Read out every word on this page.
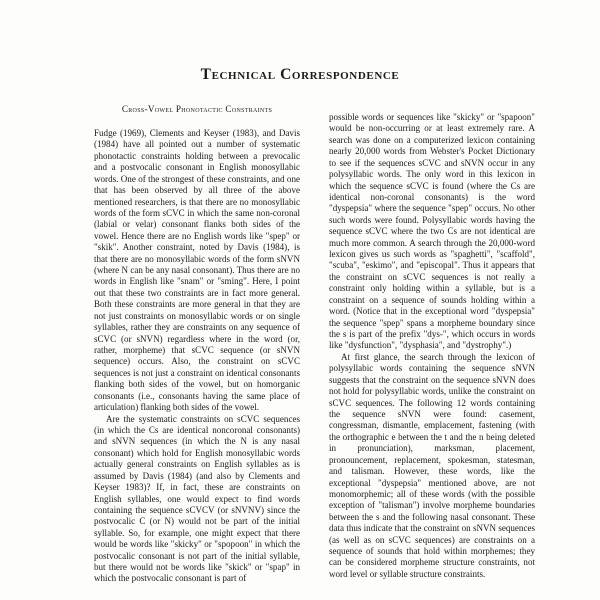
Technical Correspondence
Cross-Vowel Phonotactic Constraints

Fudge (1969), Clements and Keyser (1983), and Davis (1984) have all pointed out a number of systematic phonotactic constraints holding between a prevocalic and a postvocalic consonant in English monosyllabic words. One of the strongest of these constraints, and one that has been observed by all three of the above mentioned researchers, is that there are no monosyllabic words of the form sCVC in which the same non-coronal (labial or velar) consonant flanks both sides of the vowel. Hence there are no English words like "spep" or "skik". Another constraint, noted by Davis (1984), is that there are no monosyllabic words of the form sNVN (where N can be any nasal consonant). Thus there are no words in English like "snam" or "sming". Here, I point out that these two constraints are in fact more general. Both these constraints are more general in that they are not just constraints on monosyllabic words or on single syllables, rather they are constraints on any sequence of sCVC (or sNVN) regardless where in the word (or, rather, morpheme) that sCVC sequence (or sNVN sequence) occurs. Also, the constraint on sCVC sequences is not just a constraint on identical consonants flanking both sides of the vowel, but on homorganic consonants (i.e., consonants having the same place of articulation) flanking both sides of the vowel.

Are the systematic constraints on sCVC sequences (in which the Cs are identical noncoronal consonants) and sNVN sequences (in which the N is any nasal consonant) which hold for English monosyllabic words actually general constraints on English syllables as is assumed by Davis (1984) (and also by Clements and Keyser 1983)? If, in fact, these are constraints on English syllables, one would expect to find words containing the sequence sCVCV (or sNVNV) since the postvocalic C (or N) would not be part of the initial syllable. So, for example, one might expect that there would be words like "skicky" or "spopoon" in which the postvocalic consonant is not part of the initial syllable, but there would not be words like "skick" or "spap" in which the postvocalic consonant is part of

possible words or sequences like "skicky" or "spapoon" would be non-occurring or at least extremely rare. A search was done on a computerized lexicon containing nearly 20,000 words from Webster's Pocket Dictionary to see if the sequences sCVC and sNVN occur in any polysyllabic words. The only word in this lexicon in which the sequence sCVC is found (where the Cs are identical non-coronal consonants) is the word "dyspepsia" where the sequence "spep" occurs. No other such words were found. Polysyllabic words having the sequence sCVC where the two Cs are not identical are much more common. A search through the 20,000-word lexicon gives us such words as "spaghetti", "scaffold", "scuba", "eskimo", and "episcopal". Thus it appears that the constraint on sCVC sequences is not really a constraint only holding within a syllable, but is a constraint on a sequence of sounds holding within a word. (Notice that in the exceptional word "dyspepsia" the sequence "spep" spans a morpheme boundary since the s is part of the prefix "dys-", which occurs in words like "dysfunction", "dysphasia", and "dystrophy".)

At first glance, the search through the lexicon of polysyllabic words containing the sequence sNVN suggests that the constraint on the sequence sNVN does not hold for polysyllabic words, unlike the constraint on sCVC sequences. The following 12 words containing the sequence sNVN were found: casement, congressman, dismantle, emplacement, fastening (with the orthographic e between the t and the n being deleted in pronunciation), marksman, placement, pronouncement, replacement, spokesman, statesman, and talisman. However, these words, like the exceptional "dyspepsia" mentioned above, are not monomorphemic; all of these words (with the possible exception of "talisman") involve morpheme boundaries between the s and the following nasal consonant. These data thus indicate that the constraint on sNVN sequences (as well as on sCVC sequences) are constraints on a sequence of sounds that hold within morphemes; they can be considered morpheme structure constraints, not word level or syllable structure constraints.
